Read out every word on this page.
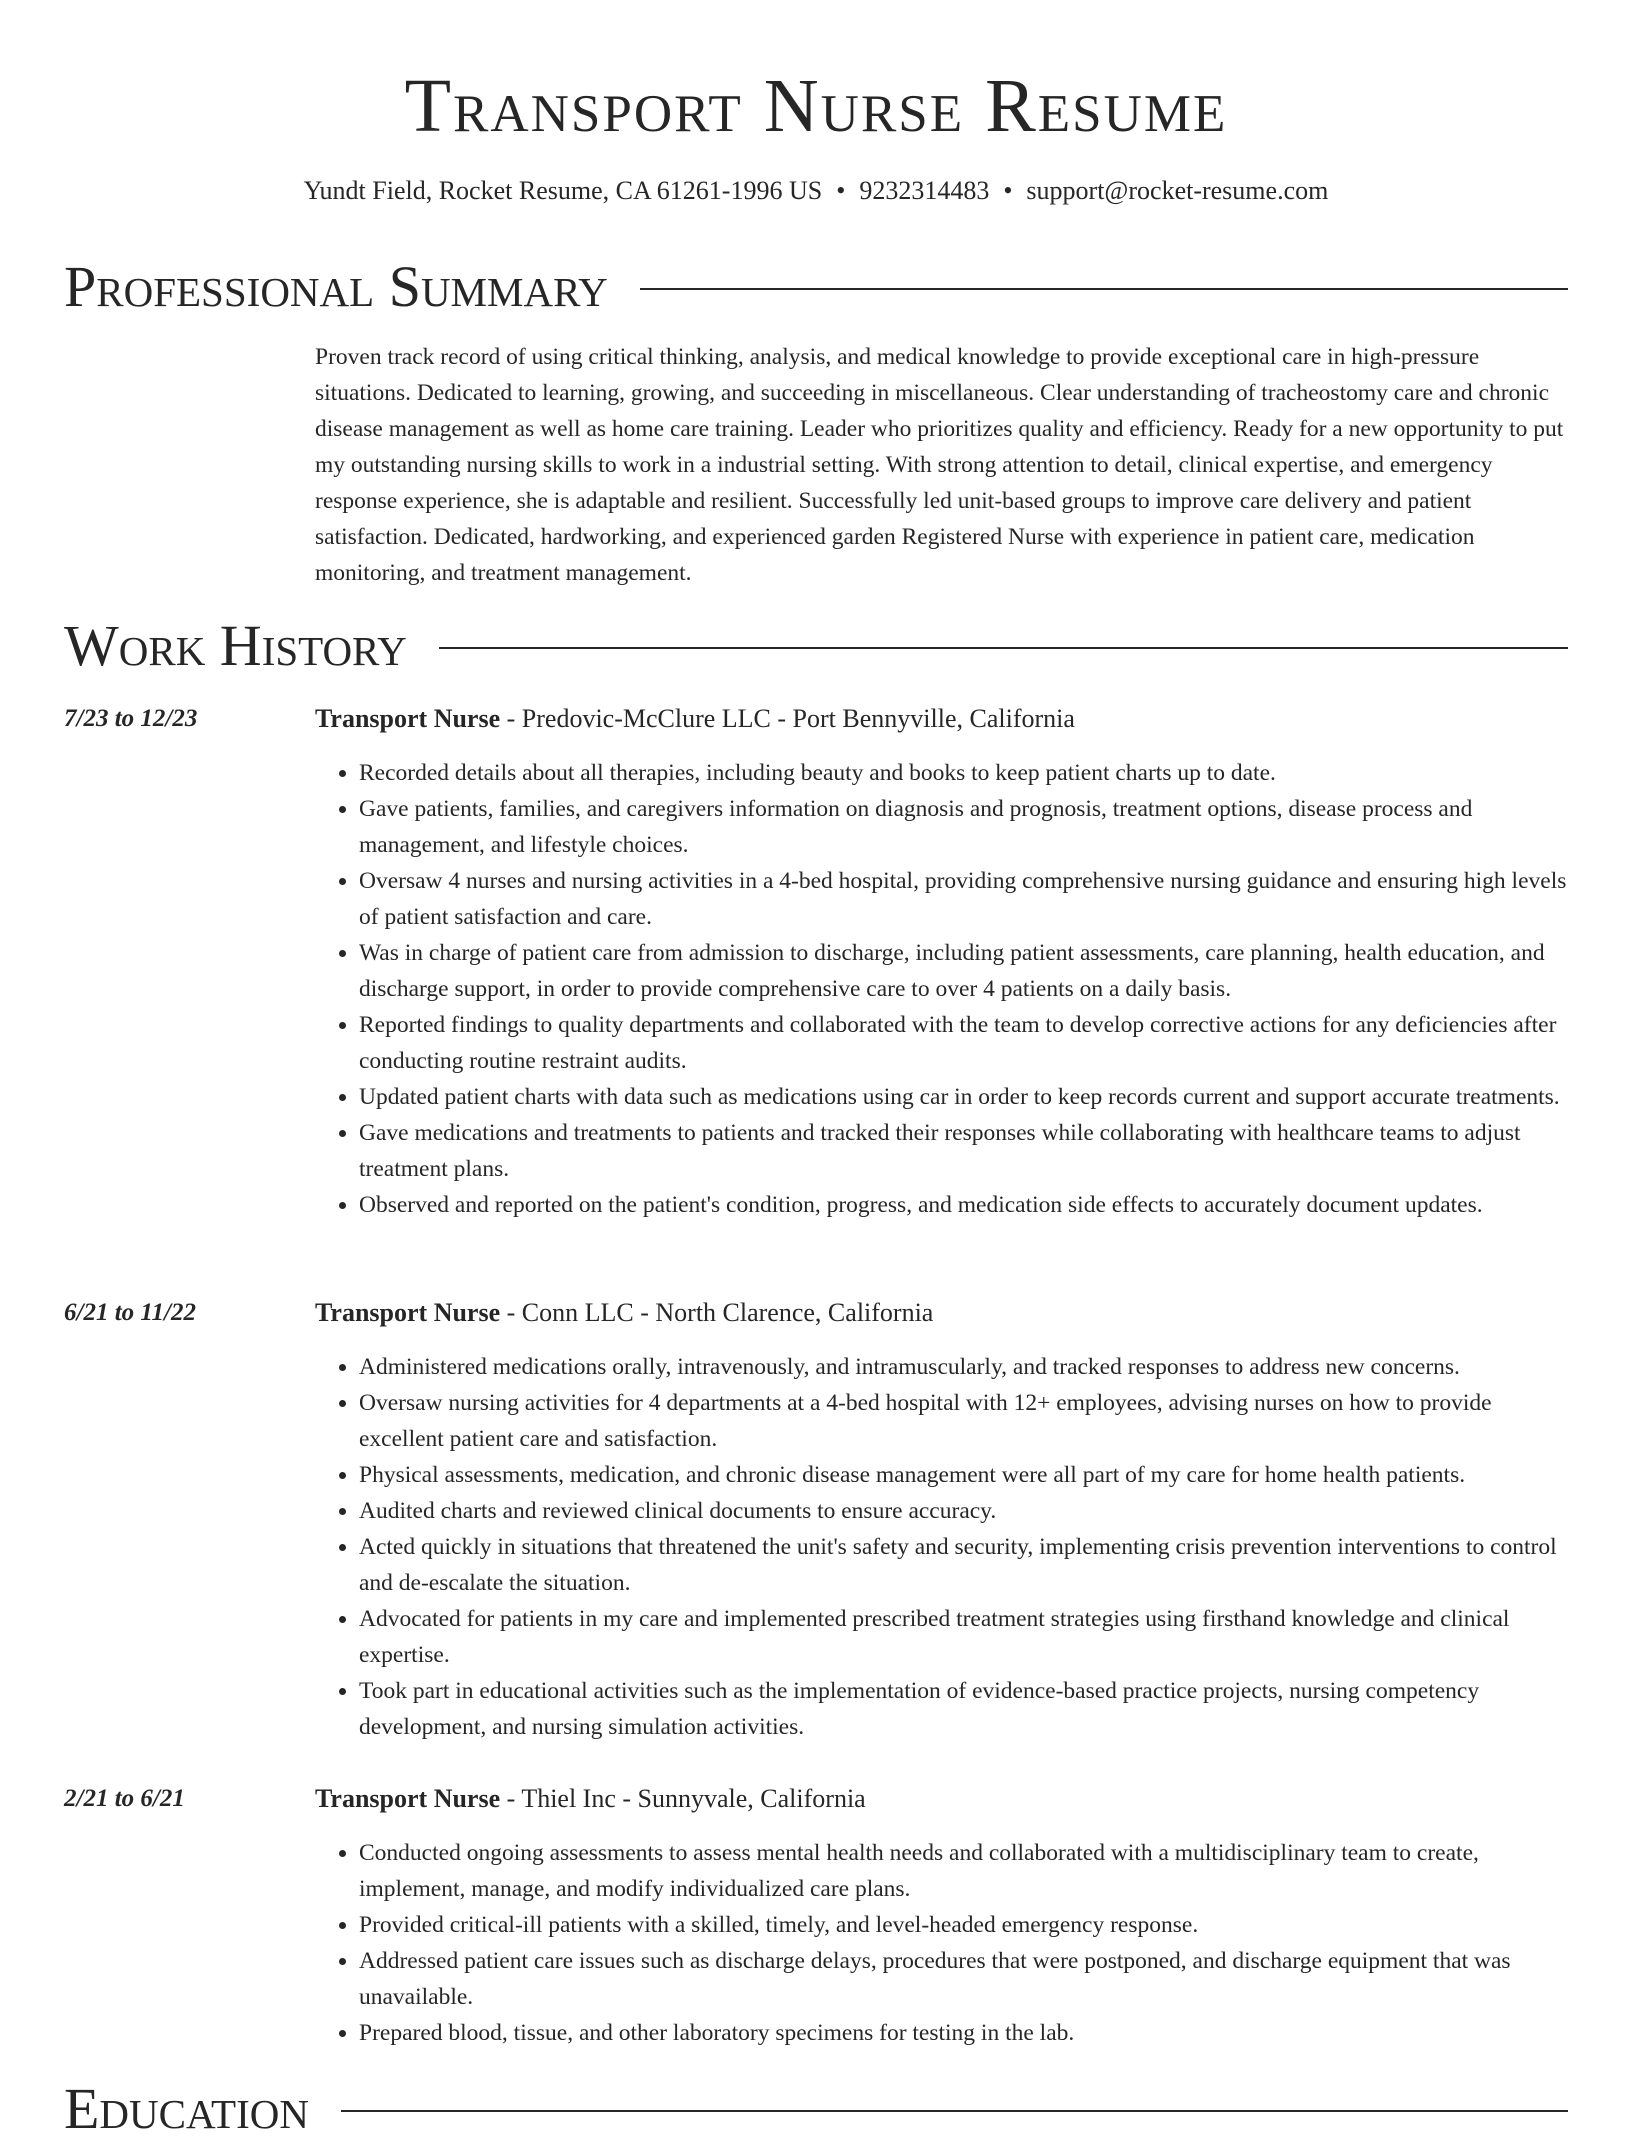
Transport Nurse Resume
Yundt Field, Rocket Resume, CA 61261-1996 US • 9232314483 • support@rocket-resume.com
Professional Summary

Proven track record of using critical thinking, analysis, and medical knowledge to provide exceptional care in high-pressure situations. Dedicated to learning, growing, and succeeding in miscellaneous. Clear understanding of tracheostomy care and chronic disease management as well as home care training. Leader who prioritizes quality and efficiency. Ready for a new opportunity to put my outstanding nursing skills to work in a industrial setting. With strong attention to detail, clinical expertise, and emergency response experience, she is adaptable and resilient. Successfully led unit-based groups to improve care delivery and patient satisfaction. Dedicated, hardworking, and experienced garden Registered Nurse with experience in patient care, medication monitoring, and treatment management.

Work History
7/23 to 12/23	Transport Nurse - Predovic-McClure LLC - Port Bennyville, California
• Recorded details about all therapies, including beauty and books to keep patient charts up to date.
• Gave patients, families, and caregivers information on diagnosis and prognosis, treatment options, disease process and management, and lifestyle choices.
• Oversaw 4 nurses and nursing activities in a 4-bed hospital, providing comprehensive nursing guidance and ensuring high levels of patient satisfaction and care.
• Was in charge of patient care from admission to discharge, including patient assessments, care planning, health education, and discharge support, in order to provide comprehensive care to over 4 patients on a daily basis.
• Reported findings to quality departments and collaborated with the team to develop corrective actions for any deficiencies after conducting routine restraint audits.
• Updated patient charts with data such as medications using car in order to keep records current and support accurate treatments.
• Gave medications and treatments to patients and tracked their responses while collaborating with healthcare teams to adjust treatment plans.
• Observed and reported on the patient's condition, progress, and medication side effects to accurately document updates.
6/21 to 11/22	Transport Nurse - Conn LLC - North Clarence, California
• Administered medications orally, intravenously, and intramuscularly, and tracked responses to address new concerns.
• Oversaw nursing activities for 4 departments at a 4-bed hospital with 12+ employees, advising nurses on how to provide excellent patient care and satisfaction.
• Physical assessments, medication, and chronic disease management were all part of my care for home health patients.
• Audited charts and reviewed clinical documents to ensure accuracy.
• Acted quickly in situations that threatened the unit's safety and security, implementing crisis prevention interventions to control and de-escalate the situation.
• Advocated for patients in my care and implemented prescribed treatment strategies using firsthand knowledge and clinical expertise.
• Took part in educational activities such as the implementation of evidence-based practice projects, nursing competency development, and nursing simulation activities.
2/21 to 6/21	Transport Nurse - Thiel Inc - Sunnyvale, California
• Conducted ongoing assessments to assess mental health needs and collaborated with a multidisciplinary team to create, implement, manage, and modify individualized care plans.
• Provided critical-ill patients with a skilled, timely, and level-headed emergency response.
• Addressed patient care issues such as discharge delays, procedures that were postponed, and discharge equipment that was unavailable.
• Prepared blood, tissue, and other laboratory specimens for testing in the lab.
Education
